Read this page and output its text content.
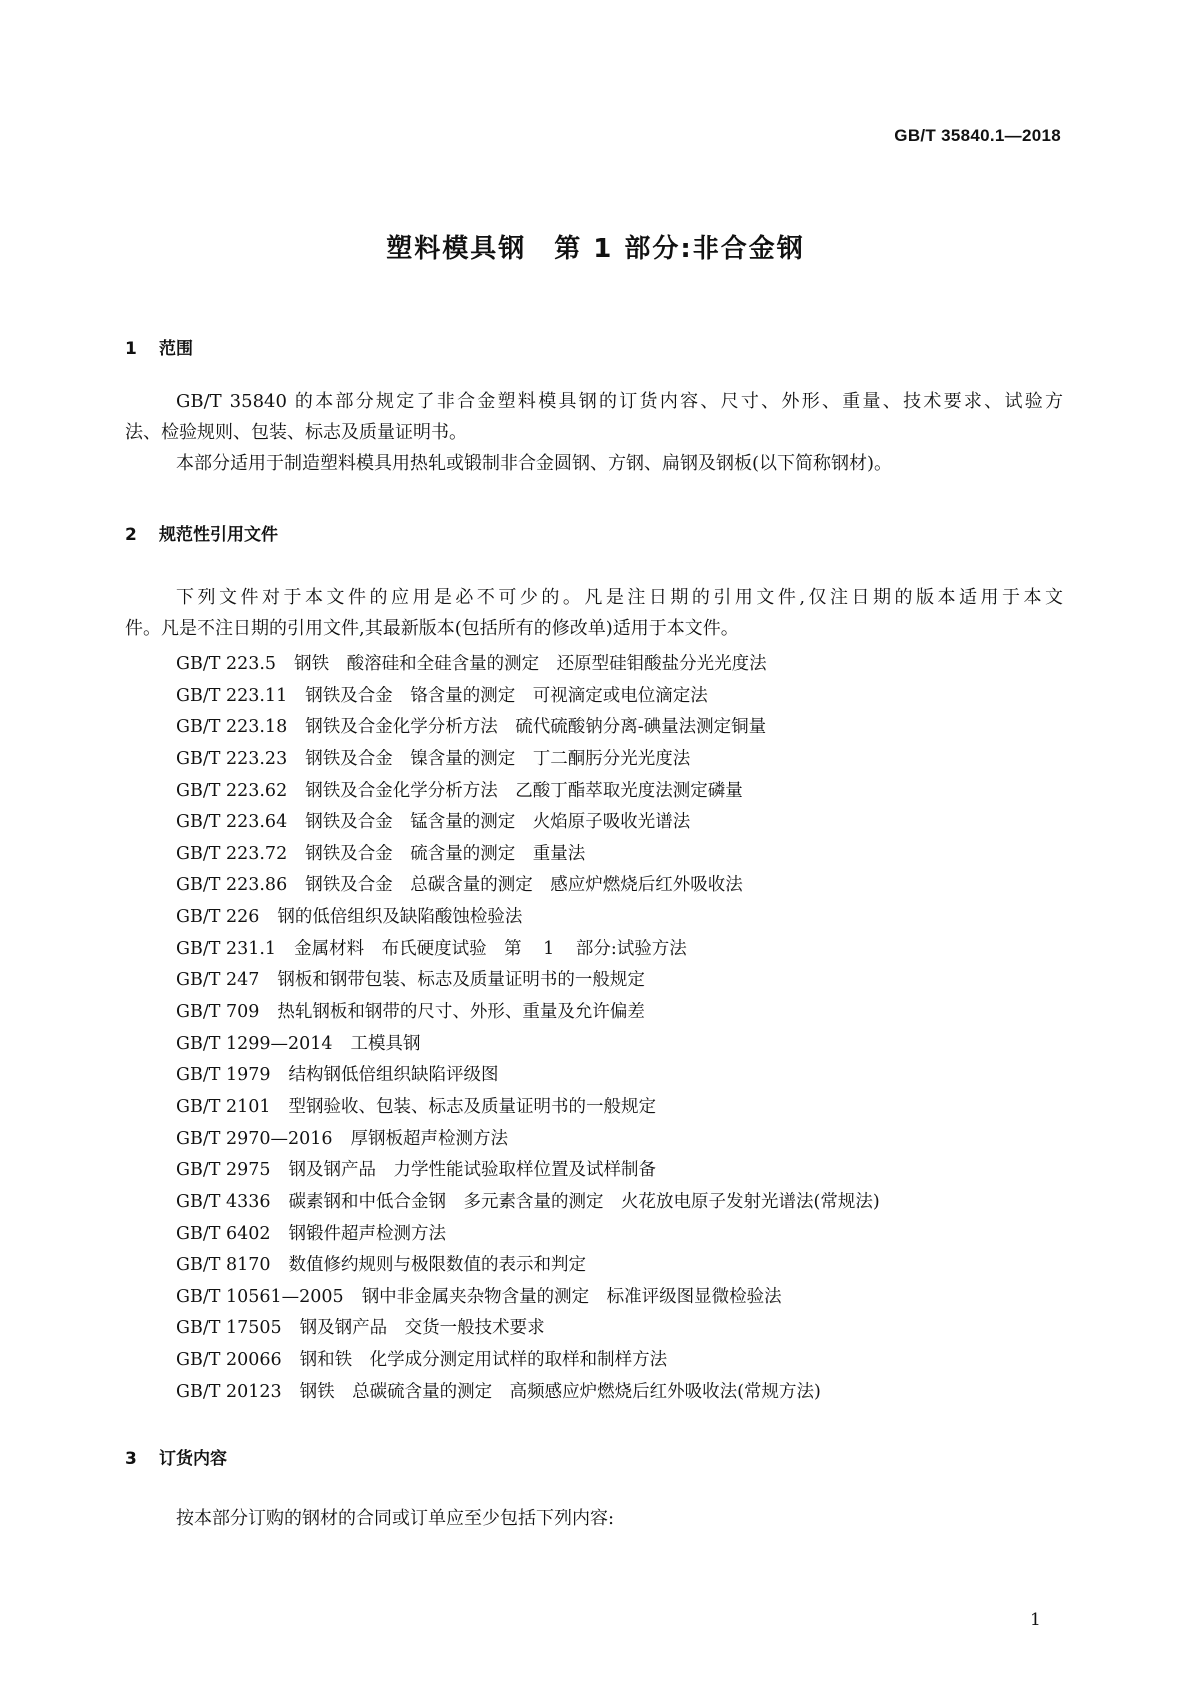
GB/T 35840.1—2018
塑料模具钢　第 1 部分:非合金钢
1 范围
GB/T 35840 的本部分规定了非合金塑料模具钢的订货内容、尺寸、外形、重量、技术要求、试验方
法、检验规则、包装、标志及质量证明书。
本部分适用于制造塑料模具用热轧或锻制非合金圆钢、方钢、扁钢及钢板(以下简称钢材)。
2 规范性引用文件
下列文件对于本文件的应用是必不可少的。凡是注日期的引用文件,仅注日期的版本适用于本文
件。凡是不注日期的引用文件,其最新版本(包括所有的修改单)适用于本文件。
GB/T 223.5 钢铁　酸溶硅和全硅含量的测定　还原型硅钼酸盐分光光度法
GB/T 223.11 钢铁及合金　铬含量的测定　可视滴定或电位滴定法
GB/T 223.18 钢铁及合金化学分析方法　硫代硫酸钠分离-碘量法测定铜量
GB/T 223.23 钢铁及合金　镍含量的测定　丁二酮肟分光光度法
GB/T 223.62 钢铁及合金化学分析方法　乙酸丁酯萃取光度法测定磷量
GB/T 223.64 钢铁及合金　锰含量的测定　火焰原子吸收光谱法
GB/T 223.72 钢铁及合金　硫含量的测定　重量法
GB/T 223.86 钢铁及合金　总碳含量的测定　感应炉燃烧后红外吸收法
GB/T 226 钢的低倍组织及缺陷酸蚀检验法
GB/T 231.1 金属材料　布氏硬度试验　第 1 部分:试验方法
GB/T 247 钢板和钢带包装、标志及质量证明书的一般规定
GB/T 709 热轧钢板和钢带的尺寸、外形、重量及允许偏差
GB/T 1299—2014 工模具钢
GB/T 1979 结构钢低倍组织缺陷评级图
GB/T 2101 型钢验收、包装、标志及质量证明书的一般规定
GB/T 2970—2016 厚钢板超声检测方法
GB/T 2975 钢及钢产品　力学性能试验取样位置及试样制备
GB/T 4336 碳素钢和中低合金钢　多元素含量的测定　火花放电原子发射光谱法(常规法)
GB/T 6402 钢锻件超声检测方法
GB/T 8170 数值修约规则与极限数值的表示和判定
GB/T 10561—2005 钢中非金属夹杂物含量的测定　标准评级图显微检验法
GB/T 17505 钢及钢产品　交货一般技术要求
GB/T 20066 钢和铁　化学成分测定用试样的取样和制样方法
GB/T 20123 钢铁　总碳硫含量的测定　高频感应炉燃烧后红外吸收法(常规方法)
3 订货内容
按本部分订购的钢材的合同或订单应至少包括下列内容:
1
